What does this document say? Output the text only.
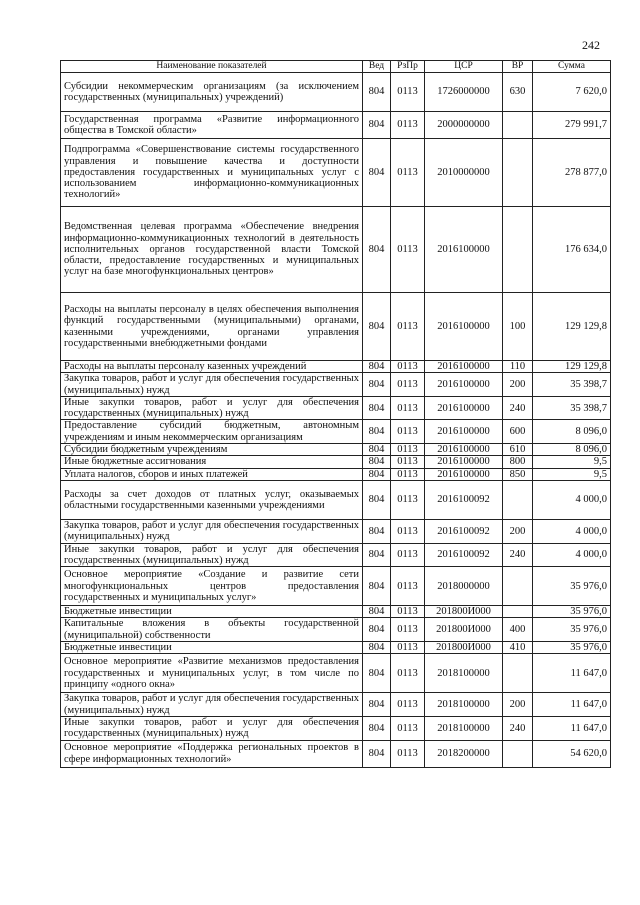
242
Наименование показателей	Вед	РзПр	ЦСР	ВР	Сумма
Субсидии некоммерческим организациям (за исключением государственных (муниципальных) учреждений)	804	0113	1726000000	630	7 620,0
Государственная программа «Развитие информационного общества в Томской области»	804	0113	2000000000		279 991,7
Подпрограмма «Совершенствование системы государственного управления и повышение качества и доступности предоставления государственных и муниципальных услуг с использованием информационно-коммуникационных технологий»	804	0113	2010000000		278 877,0
Ведомственная целевая программа «Обеспечение внедрения информационно-коммуникационных технологий в деятельность исполнительных органов государственной власти Томской области, предоставление государственных и муниципальных услуг на базе многофункциональных центров»	804	0113	2016100000		176 634,0
Расходы на выплаты персоналу в целях обеспечения выполнения функций государственными (муниципальными) органами, казенными учреждениями, органами управления государственными внебюджетными фондами	804	0113	2016100000	100	129 129,8
Расходы на выплаты персоналу казенных учреждений	804	0113	2016100000	110	129 129,8
Закупка товаров, работ и услуг для обеспечения государственных (муниципальных) нужд	804	0113	2016100000	200	35 398,7
Иные закупки товаров, работ и услуг для обеспечения государственных (муниципальных) нужд	804	0113	2016100000	240	35 398,7
Предоставление субсидий бюджетным, автономным учреждениям и иным некоммерческим организациям	804	0113	2016100000	600	8 096,0
Субсидии бюджетным учреждениям	804	0113	2016100000	610	8 096,0
Иные бюджетные ассигнования	804	0113	2016100000	800	9,5
Уплата налогов, сборов и иных платежей	804	0113	2016100000	850	9,5
Расходы за счет доходов от платных услуг, оказываемых областными государственными казенными учреждениями	804	0113	2016100092		4 000,0
Закупка товаров, работ и услуг для обеспечения государственных (муниципальных) нужд	804	0113	2016100092	200	4 000,0
Иные закупки товаров, работ и услуг для обеспечения государственных (муниципальных) нужд	804	0113	2016100092	240	4 000,0
Основное мероприятие «Создание и развитие сети многофункциональных центров предоставления государственных и муниципальных услуг»	804	0113	2018000000		35 976,0
Бюджетные инвестиции	804	0113	201800И000		35 976,0
Капитальные вложения в объекты государственной (муниципальной) собственности	804	0113	201800И000	400	35 976,0
Бюджетные инвестиции	804	0113	201800И000	410	35 976,0
Основное мероприятие «Развитие механизмов предоставления государственных и муниципальных услуг, в том числе по принципу «одного окна»	804	0113	2018100000		11 647,0
Закупка товаров, работ и услуг для обеспечения государственных (муниципальных) нужд	804	0113	2018100000	200	11 647,0
Иные закупки товаров, работ и услуг для обеспечения государственных (муниципальных) нужд	804	0113	2018100000	240	11 647,0
Основное мероприятие «Поддержка региональных проектов в сфере информационных технологий»	804	0113	2018200000		54 620,0
